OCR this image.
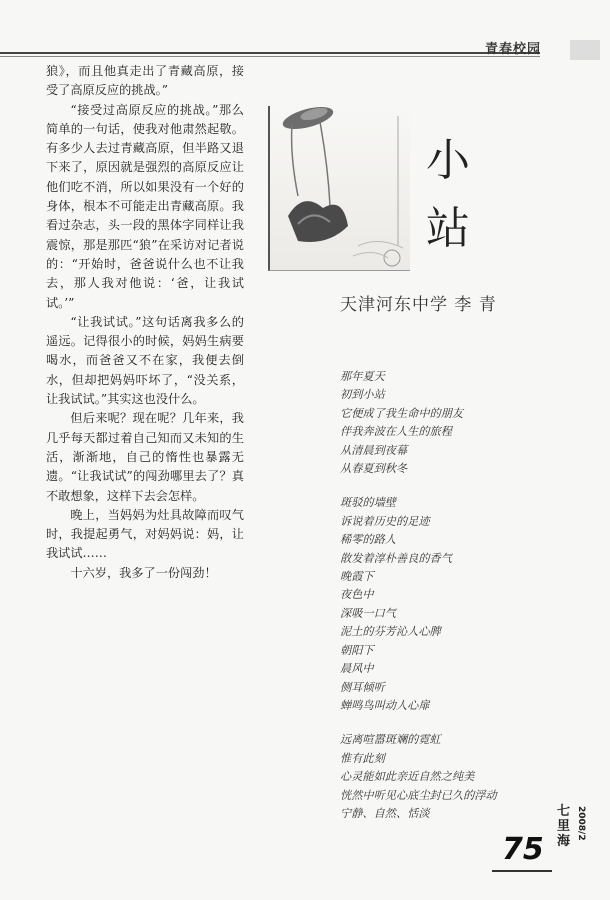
青春校园

狼》，而且他真走出了青藏高原，接受了高原反应的挑战。”

“接受过高原反应的挑战。”那么简单的一句话，使我对他肃然起敬。有多少人去过青藏高原，但半路又退下来了，原因就是强烈的高原反应让他们吃不消，所以如果没有一个好的身体，根本不可能走出青藏高原。我看过杂志，头一段的黑体字同样让我震惊，那是那匹“狼”在采访对记者说的：“开始时，爸爸说什么也不让我去，那人我对他说：‘爸，让我试试。’”

“让我试试。”这句话离我多么的遥远。记得很小的时候，妈妈生病要喝水，而爸爸又不在家，我便去倒水，但却把妈妈吓坏了，“没关系，让我试试。”其实这也没什么。

但后来呢？现在呢？几年来，我几乎每天都过着自己知而又未知的生活，渐渐地，自己的惰性也暴露无遗。“让我试试”的闯劲哪里去了？真不敢想象，这样下去会怎样。

晚上，当妈妈为灶具故障而叹气时，我提起勇气，对妈妈说：妈，让我试试……

十六岁，我多了一份闯劲！

小
站
天津河东中学 李 青
那年夏天
初到小站
它便成了我生命中的朋友
伴我奔波在人生的旅程
从清晨到夜幕
从春夏到秋冬
斑驳的墙壁
诉说着历史的足迹
稀零的路人
散发着淳朴善良的香气
晚霞下
夜色中
深吸一口气
泥土的芬芳沁人心脾
朝阳下
晨风中
侧耳倾听
蝉鸣鸟叫动人心扉
远离喧嚣斑斓的霓虹
惟有此刻
心灵能如此亲近自然之纯美
恍然中听见心底尘封已久的浮动
宁静、自然、恬淡	七里海
2008/2
75
